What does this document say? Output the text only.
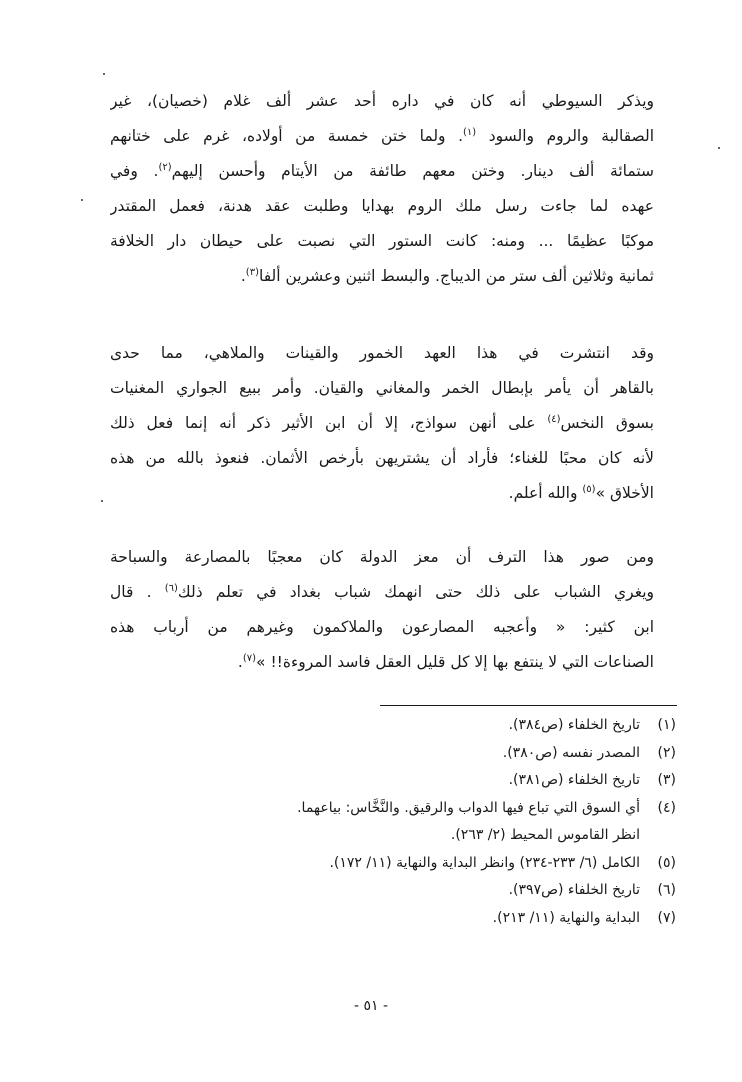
ويذكر السيوطي أنه كان في داره أحد عشر ألف غلام (خصيان)، غير
الصقالبة والروم والسود $^{(١)}$. ولما ختن خمسة من أولاده، غرم على ختانهم
ستمائة ألف دينار. وختن معهم طائفة من الأيتام وأحسن إليهم$^{(٢)}$. وفي
عهده لما جاءت رسل ملك الروم بهدايا وطلبت عقد هدنة، فعمل المقتدر
موكبًا عظيمًا ... ومنه: كانت الستور التي نصبت على حيطان دار الخلافة
ثمانية وثلاثين ألف ستر من الديباج. والبسط اثنين وعشرين ألفا$^{(٣)}$.
وقد انتشرت في هذا العهد الخمور والقينات والملاهي، مما حدى
بالقاهر أن يأمر بإبطال الخمر والمغاني والقيان. وأمر ببيع الجواري المغنيات
بسوق النخس$^{(٤)}$ على أنهن سواذج، إلا أن ابن الأثير ذكر أنه إنما فعل ذلك
لأنه كان محبًا للغناء؛ فأراد أن يشتريهن بأرخص الأثمان. فنعوذ بالله من هذه
الأخلاق »$^{(٥)}$ والله أعلم.
ومن صور هذا الترف أن معز الدولة كان معجبًا بالمصارعة والسباحة
ويغري الشباب على ذلك حتى انهمك شباب بغداد في تعلم ذلك$^{(٦)}$ . قال
ابن كثير: « وأعجبه المصارعون والملاكمون وغيرهم من أرباب هذه
الصناعات التي لا ينتفع بها إلا كل قليل العقل فاسد المروءة!! »$^{(٧)}$.
(١)
تاريخ الخلفاء (ص٣٨٤).
(٢)
المصدر نفسه (ص٣٨٠).
(٣)
تاريخ الخلفاء (ص٣٨١).
(٤)
أي السوق التي تباع فيها الدواب والرقيق. والنَّخَّاس: بياعهما.
انظر القاموس المحيط (٢/ ٢٦٣).
(٥)
الكامل (٦/ ٢٣٣-٢٣٤) وانظر البداية والنهاية (١١/ ١٧٢).
(٦)
تاريخ الخلفاء (ص٣٩٧).
(٧)
البداية والنهاية (١١/ ٢١٣).
- ٥١ -
